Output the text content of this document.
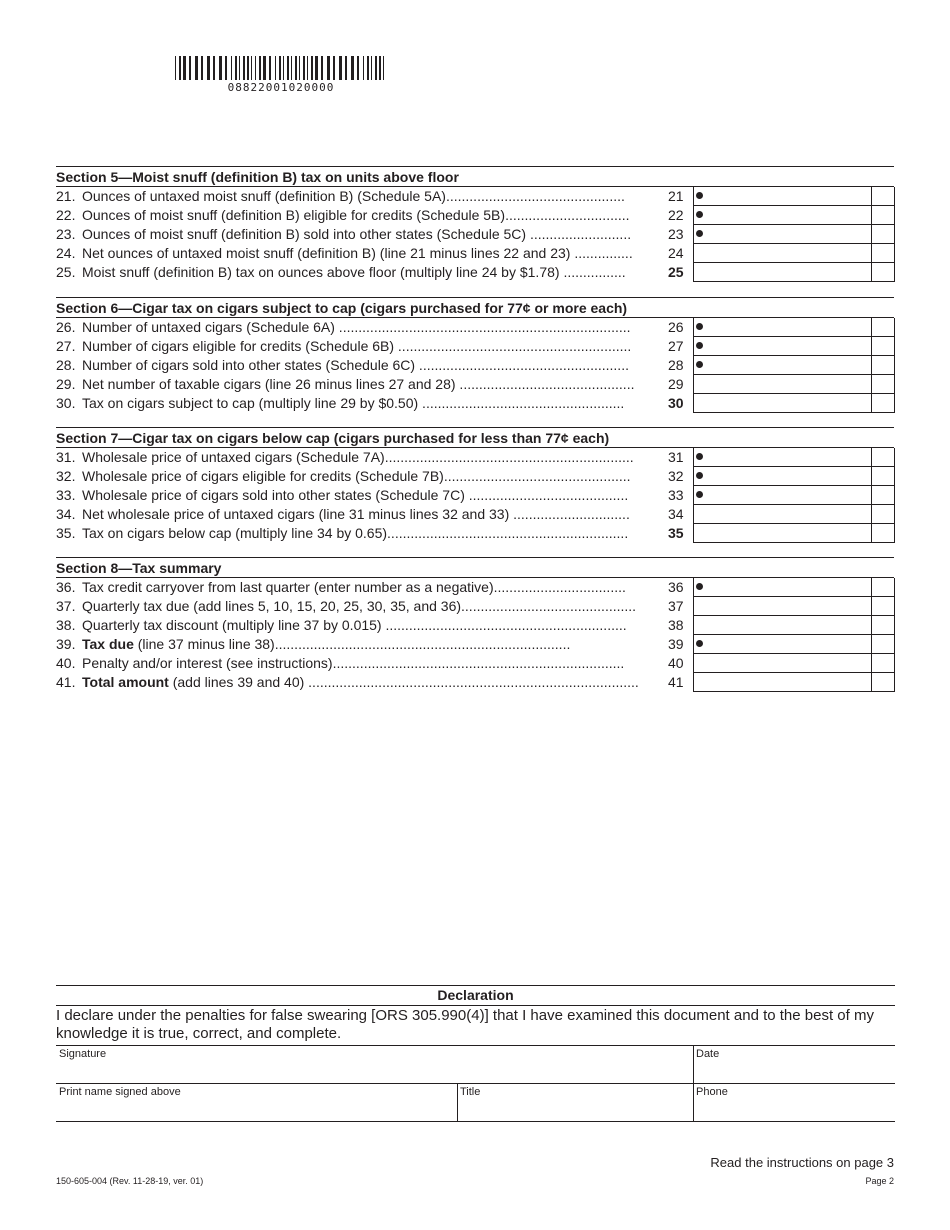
08822001020000
Section 5—Moist snuff (definition B) tax on units above floor
21. Ounces of untaxed moist snuff (definition B) (Schedule 5A)..............................................	21
22. Ounces of moist snuff (definition B) eligible for credits (Schedule 5B)................................	22
23. Ounces of moist snuff (definition B) sold into other states (Schedule 5C) ..........................	23
24. Net ounces of untaxed moist snuff (definition B) (line 21 minus lines 22 and 23) ...............	24
25. Moist snuff (definition B) tax on ounces above floor (multiply line 24 by $1.78) ................	25
Section 6—Cigar tax on cigars subject to cap (cigars purchased for 77¢ or more each)
26. Number of untaxed cigars (Schedule 6A) ...........................................................................	26
27. Number of cigars eligible for credits (Schedule 6B) ............................................................	27
28. Number of cigars sold into other states (Schedule 6C) ......................................................	28
29. Net number of taxable cigars (line 26 minus lines 27 and 28) .............................................	29
30. Tax on cigars subject to cap (multiply line 29 by $0.50) ....................................................	30
Section 7—Cigar tax on cigars below cap (cigars purchased for less than 77¢ each)
31. Wholesale price of untaxed cigars (Schedule 7A)................................................................	31
32. Wholesale price of cigars eligible for credits (Schedule 7B)................................................	32
33. Wholesale price of cigars sold into other states (Schedule 7C) .........................................	33
34. Net wholesale price of untaxed cigars (line 31 minus lines 32 and 33) ..............................	34
35. Tax on cigars below cap (multiply line 34 by 0.65)..............................................................	35
Section 8—Tax summary
36. Tax credit carryover from last quarter (enter number as a negative)..................................	36
37. Quarterly tax due (add lines 5, 10, 15, 20, 25, 30, 35, and 36).............................................	37
38. Quarterly tax discount (multiply line 37 by 0.015) ..............................................................	38
39. Tax due (line 37 minus line 38)............................................................................	39
40. Penalty and/or interest (see instructions)...........................................................................	40
41. Total amount (add lines 39 and 40) .....................................................................................	41
Declaration
I declare under the penalties for false swearing [ORS 305.990(4)] that I have examined this document and to the best of my knowledge it is true, correct, and complete.
Signature	Date
Print name signed above	Title	Phone
Read the instructions on page 3
150-605-004 (Rev. 11-28-19, ver. 01)	Page 2
